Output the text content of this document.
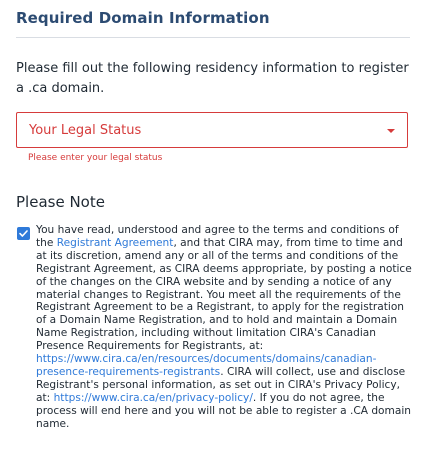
Required Domain Information
Please fill out the following residency information to register a .ca domain.
Your Legal Status
Please enter your legal status
Please Note
You have read, understood and agree to the terms and conditions of the Registrant Agreement, and that CIRA may, from time to time and at its discretion, amend any or all of the terms and conditions of the Registrant Agreement, as CIRA deems appropriate, by posting a notice of the changes on the CIRA website and by sending a notice of any material changes to Registrant. You meet all the requirements of the Registrant Agreement to be a Registrant, to apply for the registration of a Domain Name Registration, and to hold and maintain a Domain Name Registration, including without limitation CIRA's Canadian Presence Requirements for Registrants, at: https://www.cira.ca/en/resources/documents/domains/canadian-presence-requirements-registrants. CIRA will collect, use and disclose Registrant's personal information, as set out in CIRA's Privacy Policy, at: https://www.cira.ca/en/privacy-policy/. If you do not agree, the process will end here and you will not be able to register a .CA domain name.
